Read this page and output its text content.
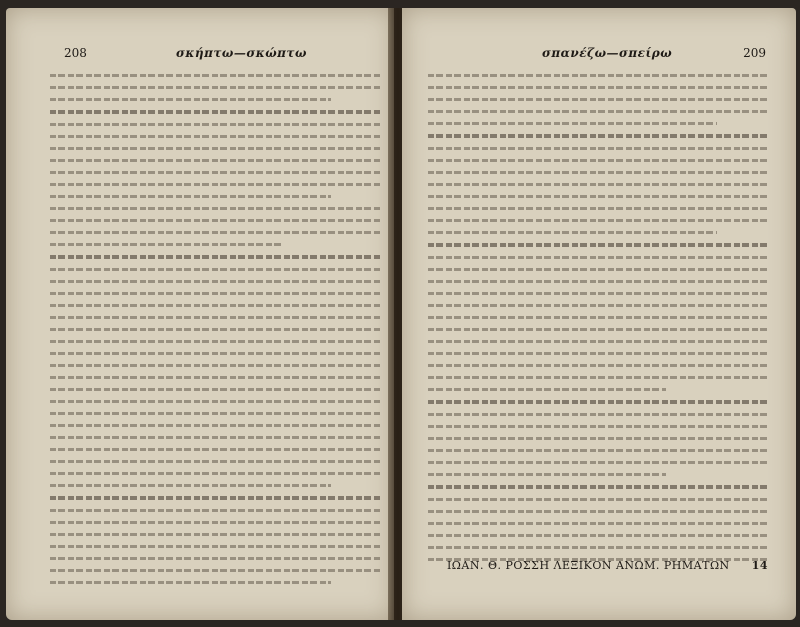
208	σκήπτω—σκώπτω	σπανέζω—σπείρω	209
ΙΩΑΝ. Θ. ΡΟΣΣΗ ΛΕΞΙΚΟΝ ΑΝΩΜ. ΡΗΜΑΤΩΝ 14
